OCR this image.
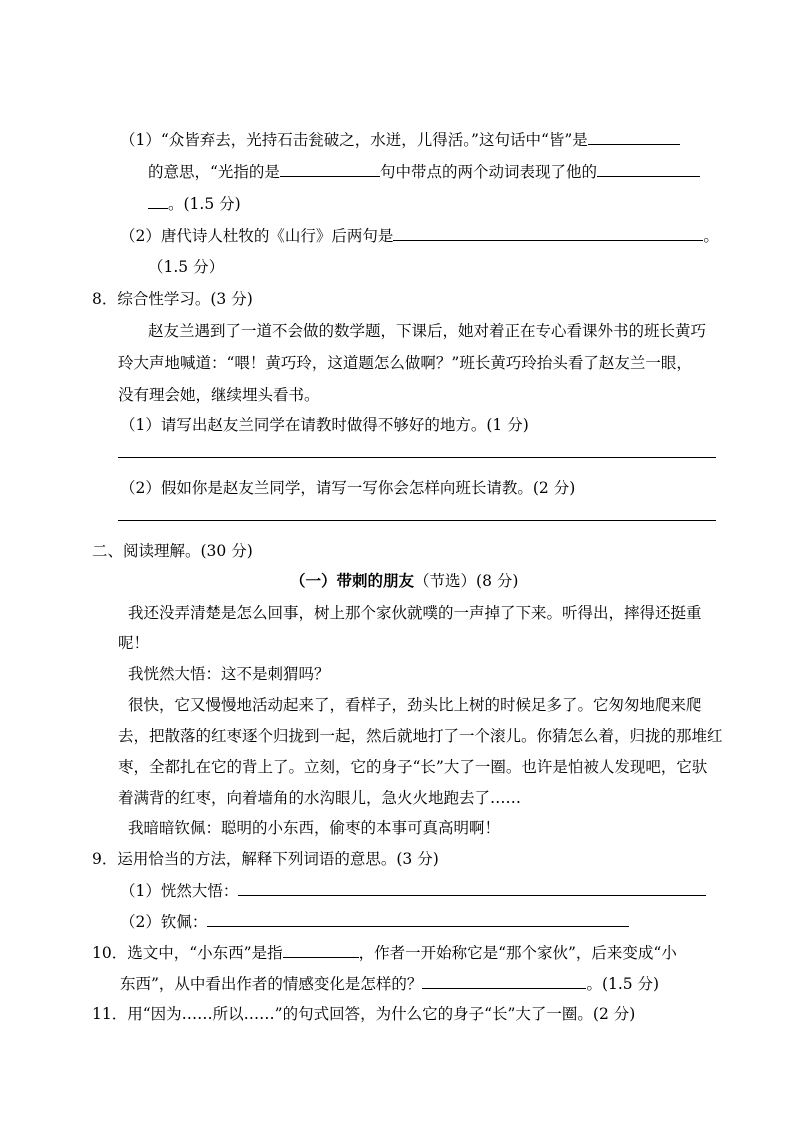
（1）“众皆弃去，光持石击瓮破之，水迸，儿得活。”这句话中“皆”是
的意思，“光指的是	句中带点的两个动词表现了他的
。(1.5 分)
（2）唐代诗人杜牧的《山行》后两句是	。
（1.5 分）
8．综合性学习。(3 分)
赵友兰遇到了一道不会做的数学题，下课后，她对着正在专心看课外书的班长黄巧
玲大声地喊道：“喂！黄巧玲，这道题怎么做啊？”班长黄巧玲抬头看了赵友兰一眼，
没有理会她，继续埋头看书。
（1）请写出赵友兰同学在请教时做得不够好的地方。(1 分)
（2）假如你是赵友兰同学，请写一写你会怎样向班长请教。(2 分)
二、阅读理解。(30 分)
（一）带刺的朋友（节选）(8 分)
我还没弄清楚是怎么回事，树上那个家伙就噗的一声掉了下来。听得出，摔得还挺重
呢！
我恍然大悟：这不是刺猬吗？
很快，它又慢慢地活动起来了，看样子，劲头比上树的时候足多了。它匆匆地爬来爬
去，把散落的红枣逐个归拢到一起，然后就地打了一个滚儿。你猜怎么着，归拢的那堆红
枣，全都扎在它的背上了。立刻，它的身子“长”大了一圈。也许是怕被人发现吧，它驮
着满背的红枣，向着墙角的水沟眼儿，急火火地跑去了……
我暗暗钦佩：聪明的小东西，偷枣的本事可真高明啊！
9．运用恰当的方法，解释下列词语的意思。(3 分)
（1）恍然大悟：
（2）钦佩：
10．选文中，“小东西”是指	，作者一开始称它是“那个家伙”，后来变成“小
东西”，从中看出作者的情感变化是怎样的？	。(1.5 分)
11．用“因为……所以……”的句式回答，为什么它的身子“长”大了一圈。(2 分)
